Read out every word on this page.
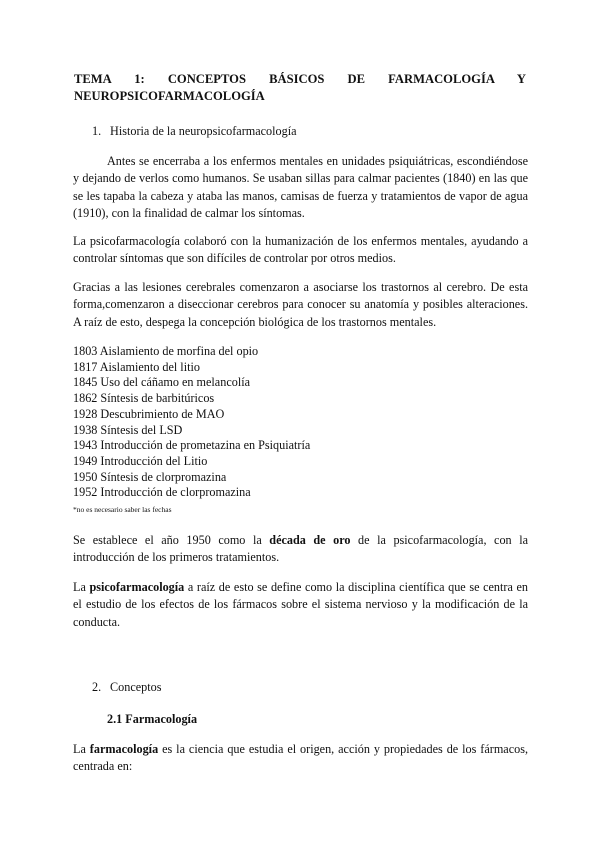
TEMA 1: CONCEPTOS BÁSICOS DE FARMACOLOGÍA Y
NEUROPSICOFARMACOLOGÍA
1. Historia de la neuropsicofarmacología

Antes se encerraba a los enfermos mentales en unidades psiquiátricas, escondiéndose y dejando de verlos como humanos. Se usaban sillas para calmar pacientes (1840) en las que se les tapaba la cabeza y ataba las manos, camisas de fuerza y tratamientos de vapor de agua (1910), con la finalidad de calmar los síntomas.

La psicofarmacología colaboró con la humanización de los enfermos mentales, ayudando a controlar síntomas que son difíciles de controlar por otros medios.

Gracias a las lesiones cerebrales comenzaron a asociarse los trastornos al cerebro. De esta forma,comenzaron a diseccionar cerebros para conocer su anatomía y posibles alteraciones. A raíz de esto, despega la concepción biológica de los trastornos mentales.

1803 Aislamiento de morfina del opio
1817 Aislamiento del litio
1845 Uso del cáñamo en melancolía
1862 Síntesis de barbitúricos
1928 Descubrimiento de MAO
1938 Síntesis del LSD
1943 Introducción de prometazina en Psiquiatría
1949 Introducción del Litio
1950 Síntesis de clorpromazina
1952 Introducción de clorpromazina
*no es necesario saber las fechas

Se establece el año 1950 como la década de oro de la psicofarmacología, con la introducción de los primeros tratamientos.

La psicofarmacología a raíz de esto se define como la disciplina científica que se centra en el estudio de los efectos de los fármacos sobre el sistema nervioso y la modificación de la conducta.

2. Conceptos
2.1 Farmacología

La farmacología es la ciencia que estudia el origen, acción y propiedades de los fármacos, centrada en:
